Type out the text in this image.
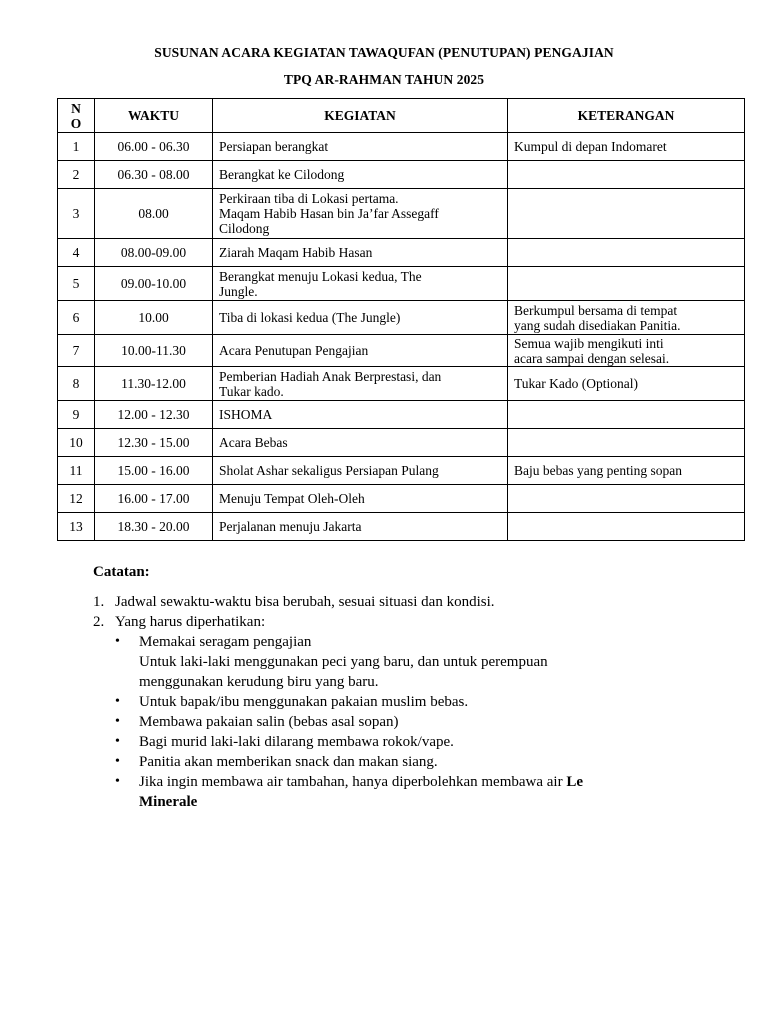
SUSUNAN ACARA KEGIATAN TAWAQUFAN (PENUTUPAN) PENGAJIAN
TPQ AR-RAHMAN TAHUN 2025
N
O	WAKTU	KEGIATAN	KETERANGAN
1	06.00 - 06.30	Persiapan berangkat	Kumpul di depan Indomaret

2	06.30 - 08.00	Berangkat ke Cilodong	

3	08.00	Perkiraan tiba di Lokasi pertama.
Maqam Habib Hasan bin Ja’far Assegaff
Cilodong	

4	08.00-09.00	Ziarah Maqam Habib Hasan	

5	09.00-10.00	Berangkat menuju Lokasi kedua, The
Jungle.	

6	10.00	Tiba di lokasi kedua (The Jungle)	Berkumpul bersama di tempat
yang sudah disediakan Panitia.

7	10.00-11.30	Acara Penutupan Pengajian	Semua wajib mengikuti inti
acara sampai dengan selesai.

8	11.30-12.00	Pemberian Hadiah Anak Berprestasi, dan
Tukar kado.	Tukar Kado (Optional)

9	12.00 - 12.30	ISHOMA	

10	12.30 - 15.00	Acara Bebas	

11	15.00 - 16.00	Sholat Ashar sekaligus Persiapan Pulang	Baju bebas yang penting sopan

12	16.00 - 17.00	Menuju Tempat Oleh-Oleh	

13	18.30 - 20.00	Perjalanan menuju Jakarta	

Catatan:
1. Jadwal sewaktu-waktu bisa berubah, sesuai situasi dan kondisi.
2. Yang harus diperhatikan:
•	Memakai seragam pengajian
Untuk laki-laki menggunakan peci yang baru, dan untuk perempuan
menggunakan kerudung biru yang baru.
•	Untuk bapak/ibu menggunakan pakaian muslim bebas.
•	Membawa pakaian salin (bebas asal sopan)
•	Bagi murid laki-laki dilarang membawa rokok/vape.
•	Panitia akan memberikan snack dan makan siang.
•	Jika ingin membawa air tambahan, hanya diperbolehkan membawa air Le
Minerale
